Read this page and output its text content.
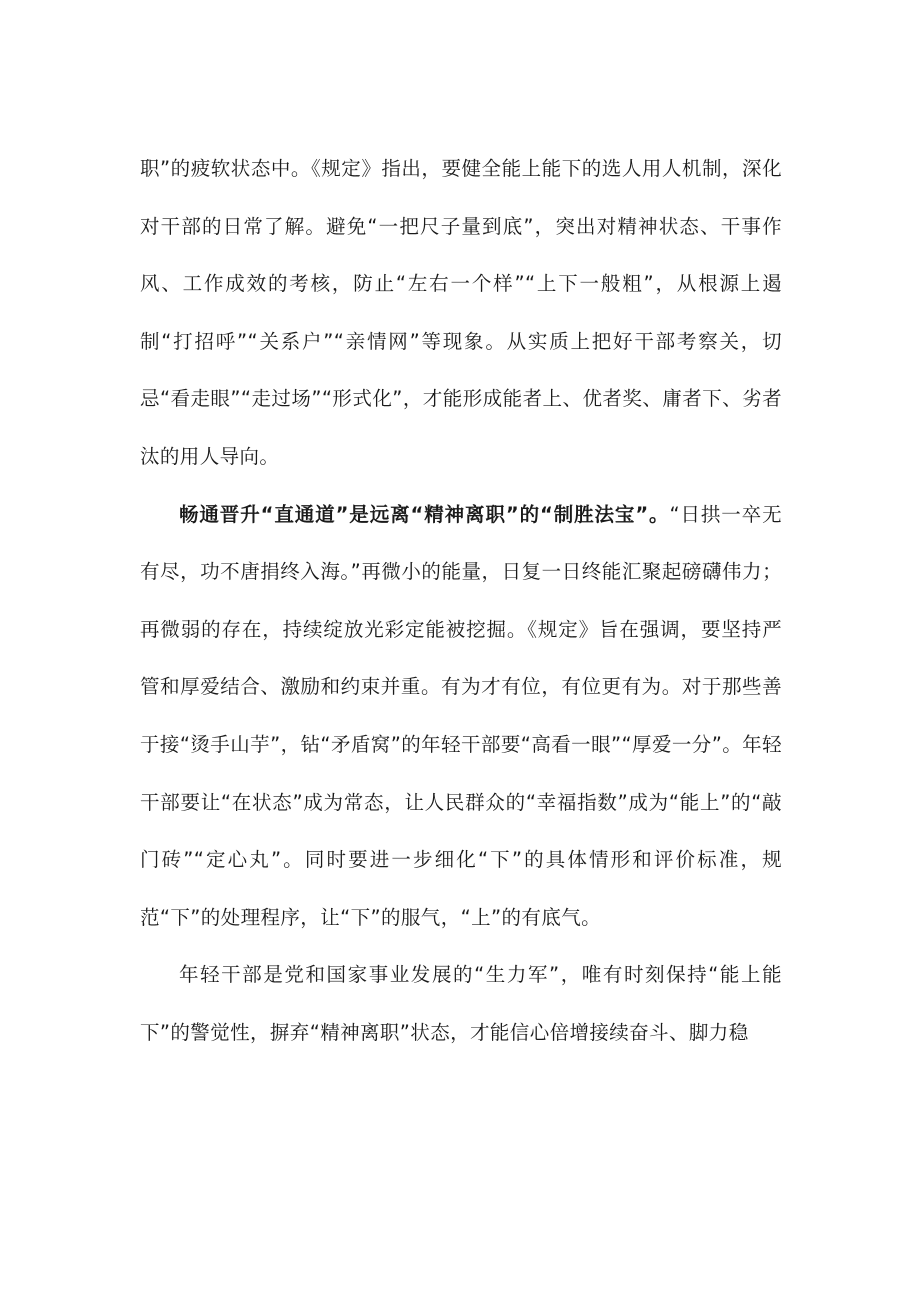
职”的疲软状态中。《规定》指出，要健全能上能下的选人用人机制，深化对干部的日常了解。避免“一把尺子量到底”，突出对精神状态、干事作风、工作成效的考核，防止“左右一个样”“上下一般粗”，从根源上遏制“打招呼”“关系户”“亲情网”等现象。从实质上把好干部考察关，切忌“看走眼”“走过场”“形式化”，才能形成能者上、优者奖、庸者下、劣者汰的用人导向。

畅通晋升“直通道”是远离“精神离职”的“制胜法宝”。“日拱一卒无有尽，功不唐捐终入海。”再微小的能量，日复一日终能汇聚起磅礴伟力；再微弱的存在，持续绽放光彩定能被挖掘。《规定》旨在强调，要坚持严管和厚爱结合、激励和约束并重。有为才有位，有位更有为。对于那些善于接“烫手山芋”，钻“矛盾窝”的年轻干部要“高看一眼”“厚爱一分”。年轻干部要让“在状态”成为常态，让人民群众的“幸福指数”成为“能上”的“敲门砖”“定心丸”。同时要进一步细化“下”的具体情形和评价标准，规范“下”的处理程序，让“下”的服气，“上”的有底气。

年轻干部是党和国家事业发展的“生力军”，唯有时刻保持“能上能下”的警觉性，摒弃“精神离职”状态，才能信心倍增接续奋斗、脚力稳
